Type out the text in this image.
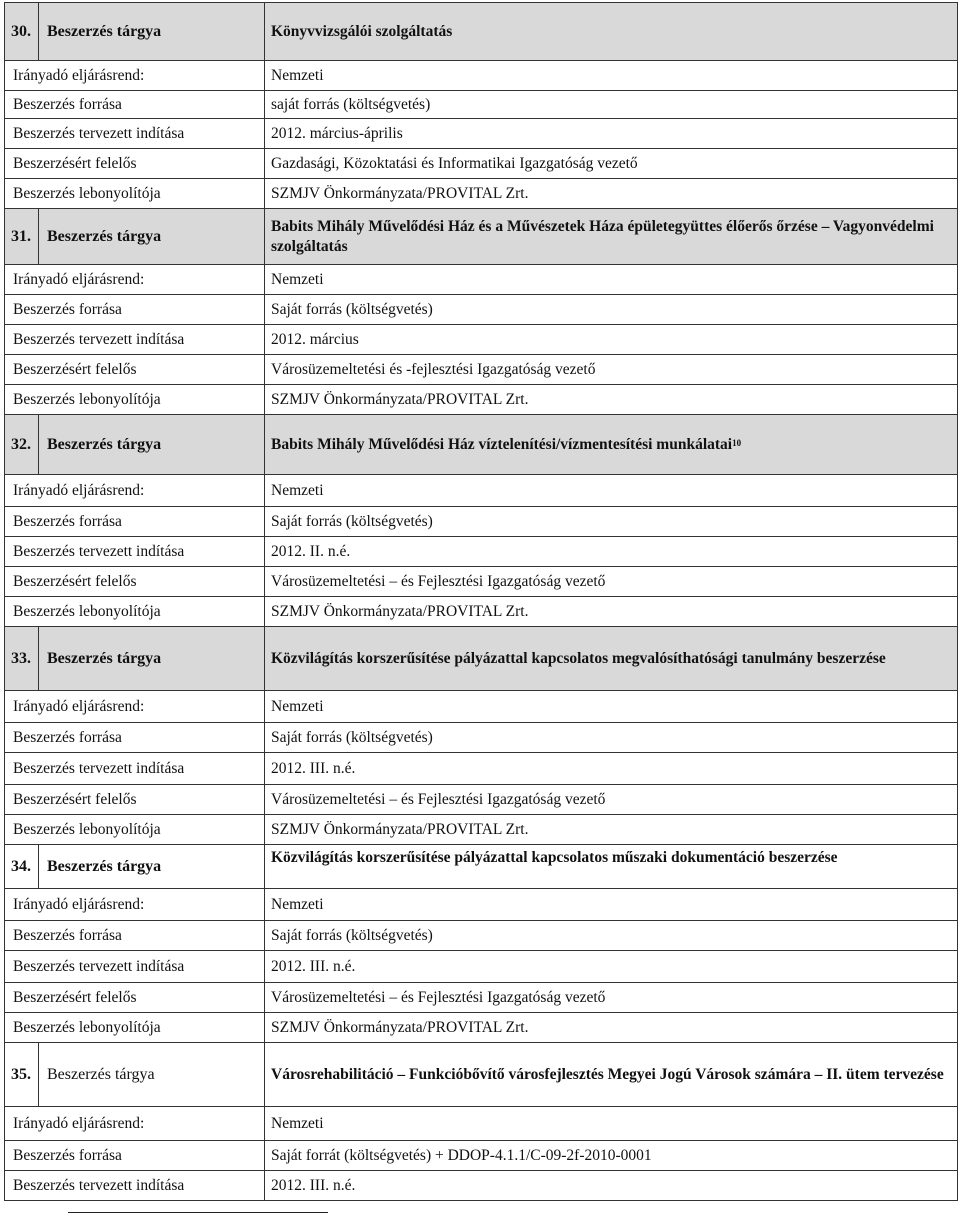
30.	Beszerzés tárgya	Könyvvizsgálói szolgáltatás
Irányadó eljárásrend:		Nemzeti
Beszerzés forrása		saját forrás (költségvetés)
Beszerzés tervezett indítása		2012. március-április
Beszerzésért felelős		Gazdasági, Közoktatási és Informatikai Igazgatóság vezető
Beszerzés lebonyolítója		SZMJV Önkormányzata/PROVITAL Zrt.
31.	Beszerzés tárgya	Babits Mihály Művelődési Ház és a Művészetek Háza épületegyüttes élőerős őrzése – Vagyonvédelmi szolgáltatás
Irányadó eljárásrend:		Nemzeti
Beszerzés forrása		Saját forrás (költségvetés)
Beszerzés tervezett indítása		2012. március
Beszerzésért felelős		Városüzemeltetési és -fejlesztési Igazgatóság vezető
Beszerzés lebonyolítója		SZMJV Önkormányzata/PROVITAL Zrt.
32.	Beszerzés tárgya	Babits Mihály Művelődési Ház víztelenítési/vízmentesítési munkálatai$^{10}$
Irányadó eljárásrend:		Nemzeti
Beszerzés forrása		Saját forrás (költségvetés)
Beszerzés tervezett indítása		2012. II. n.é.
Beszerzésért felelős		Városüzemeltetési – és Fejlesztési Igazgatóság vezető
Beszerzés lebonyolítója		SZMJV Önkormányzata/PROVITAL Zrt.
33.	Beszerzés tárgya	Közvilágítás korszerűsítése pályázattal kapcsolatos megvalósíthatósági tanulmány beszerzése
Irányadó eljárásrend:		Nemzeti
Beszerzés forrása		Saját forrás (költségvetés)
Beszerzés tervezett indítása		2012. III. n.é.
Beszerzésért felelős		Városüzemeltetési – és Fejlesztési Igazgatóság vezető
Beszerzés lebonyolítója		SZMJV Önkormányzata/PROVITAL Zrt.
34.	Beszerzés tárgya	Közvilágítás korszerűsítése pályázattal kapcsolatos műszaki dokumentáció beszerzése
Irányadó eljárásrend:		Nemzeti
Beszerzés forrása		Saját forrás (költségvetés)
Beszerzés tervezett indítása		2012. III. n.é.
Beszerzésért felelős		Városüzemeltetési – és Fejlesztési Igazgatóság vezető
Beszerzés lebonyolítója		SZMJV Önkormányzata/PROVITAL Zrt.
35.	Beszerzés tárgya	Városrehabilitáció – Funkcióbővítő városfejlesztés Megyei Jogú Városok számára – II. ütem tervezése
Irányadó eljárásrend:		Nemzeti
Beszerzés forrása		Saját forrát (költségvetés) + DDOP-4.1.1/C-09-2f-2010-0001
Beszerzés tervezett indítása		2012. III. n.é.
